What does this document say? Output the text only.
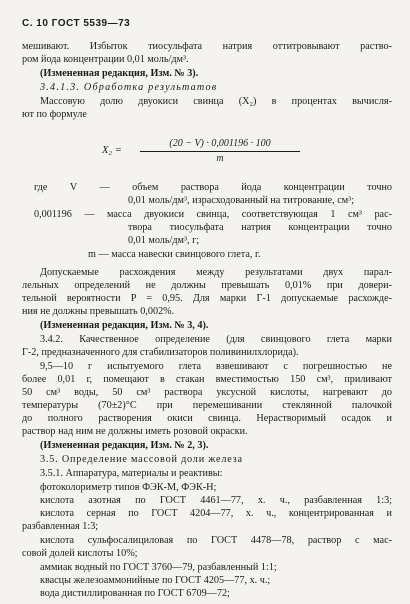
С. 10 ГОСТ 5539—73
мешивают. Избыток тиосульфата натрия оттитровывают раство-
ром йода концентрации 0,01 моль/дм³.
(Измененная редакция, Изм. № 3).
3.4.1.3. Обработка результатов
Массовую долю двуокиси свинца (X₂) в процентах вычисля-
ют по формуле
X₂ =
(20 − V) · 0,001196 · 100
m
где V — объем раствора йода концентрации точно
0,01 моль/дм³, израсходованный на титрование, см³;
0,001196 — масса двуокиси свинца, соответствующая 1 см³ рас-
твора тиосульфата натрия концентрации точно
0,01 моль/дм³, г;
m — масса навески свинцового глета, г.
Допускаемые расхождения между результатами двух парал-
лельных определений не должны превышать 0,01% при довери-
тельной вероятности P = 0,95. Для марки Г-1 допускаемые расхожде-
ния не должны превышать 0,002%.
(Измененная редакция, Изм. № 3, 4).
3.4.2. Качественное определение (для свинцового глета марки
Г-2, предназначенного для стабилизаторов поливинилхлорида).
9,5—10 г испытуемого глета взвешивают с погрешностью не
более 0,01 г, помещают в стакан вместимостью 150 см³, приливают
50 см³ воды, 50 см³ раствора уксусной кислоты, нагревают до
температуры (70±2)°С при перемешивании стеклянной палочкой
до полного растворения окиси свинца. Нерастворимый осадок и
раствор над ним не должны иметь розовой окраски.
(Измененная редакция, Изм. № 2, 3).
3.5. Определение массовой доли железа
3.5.1. Аппаратура, материалы и реактивы:
фотоколориметр типов ФЭК-М, ФЭК-Н;
кислота азотная по ГОСТ 4461—77, х. ч., разбавленная 1:3;
кислота серная по ГОСТ 4204—77, х. ч., концентрированная и
разбавленная 1:3;
кислота сульфосалициловая по ГОСТ 4478—78, раствор с мас-
совой долей кислоты 10%;
аммиак водный по ГОСТ 3760—79, разбавленный 1:1;
квасцы железоаммонийные по ГОСТ 4205—77, х. ч.;
вода дистиллированная по ГОСТ 6709—72;
